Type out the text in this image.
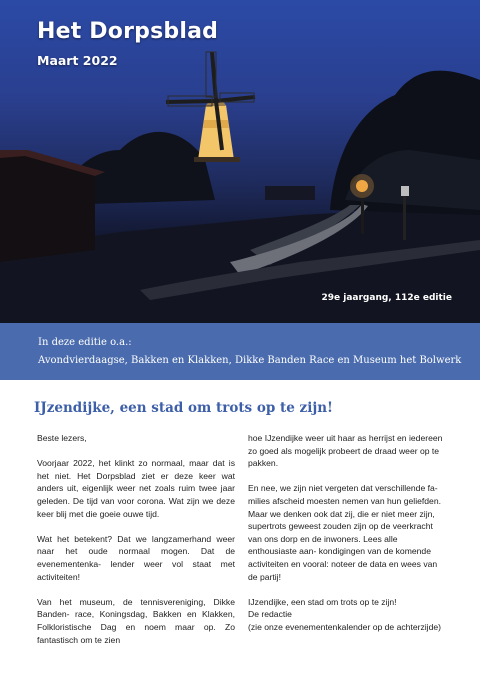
Het Dorpsblad
Maart 2022
29e jaargang, 112e editie
In deze editie o.a.:
Avondvierdaagse, Bakken en Klakken, Dikke Banden Race en Museum het Bolwerk
IJzendijke, een stad om trots op te zijn!

Beste lezers,

Voorjaar 2022, het klinkt zo normaal, maar dat is het niet. Het Dorpsblad ziet er deze keer wat anders uit, eigenlijk weer net zoals ruim twee jaar geleden. De tijd van voor corona. Wat zijn we deze keer blij met die goeie ouwe tijd.

Wat het betekent? Dat we langzamerhand weer naar het oude normaal mogen. Dat de evenementenka- lender weer vol staat met activiteiten!

Van het museum, de tennisvereniging, Dikke Banden- race, Koningsdag, Bakken en Klakken, Folkloristische Dag en noem maar op. Zo fantastisch om te zien

hoe IJzendijke weer uit haar as herrijst en iedereen zo goed als mogelijk probeert de draad weer op te pakken.

En nee, we zijn niet vergeten dat verschillende fa- milies afscheid moesten nemen van hun geliefden. Maar we denken ook dat zij, die er niet meer zijn, supertrots geweest zouden zijn op de veerkracht van ons dorp en de inwoners. Lees alle enthousiaste aan- kondigingen van de komende activiteiten en vooral: noteer de data en wees van de partij!

IJzendijke, een stad om trots op te zijn!
De redactie
(zie onze evenementenkalender op de achterzijde)
